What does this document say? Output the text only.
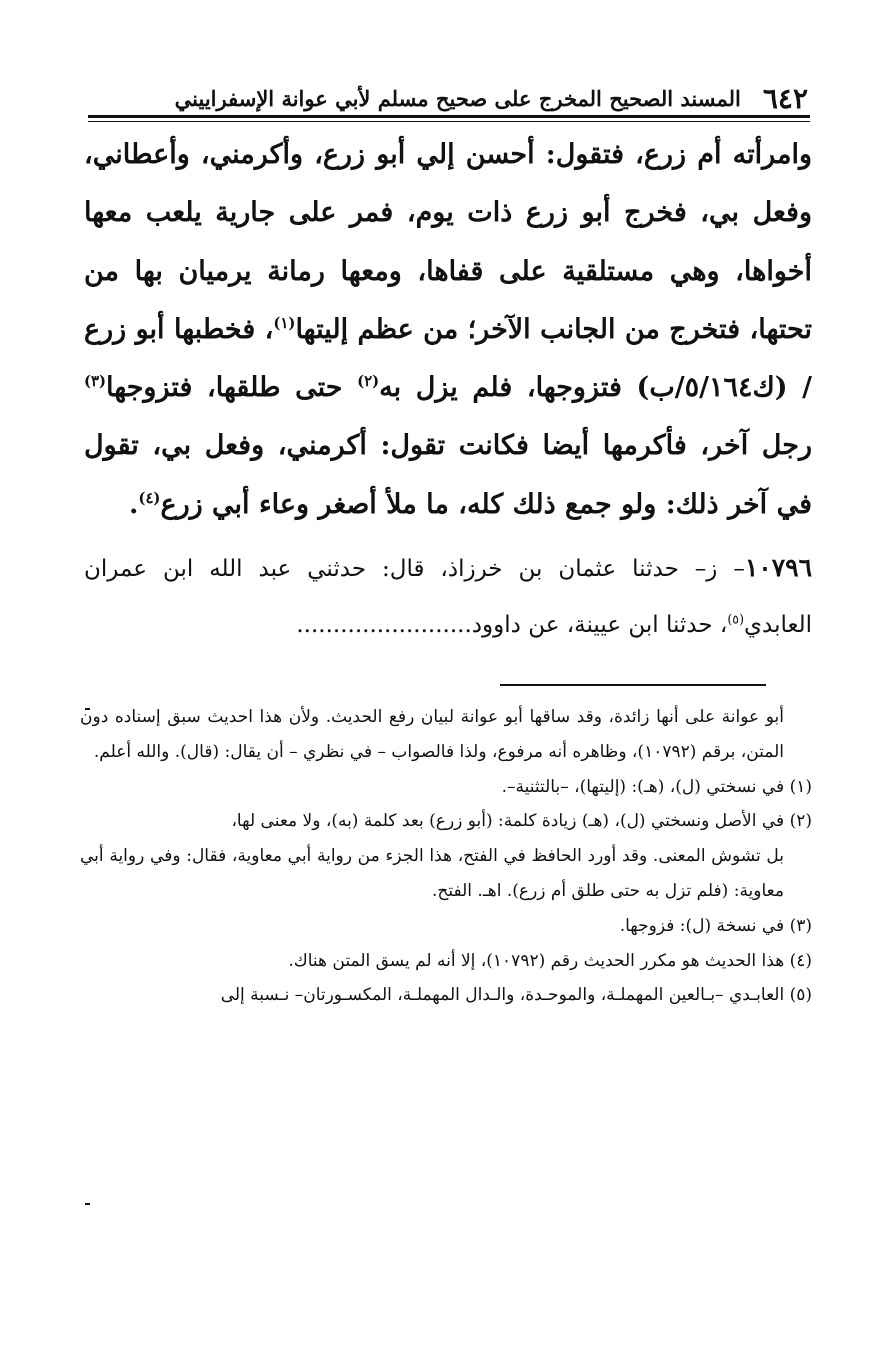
٦٤٢
المسند الصحيح المخرج على صحيح مسلم لأبي عوانة الإسفراييني
وامرأته أم زرع، فتقول: أحسن إلي أبو زرع، وأكرمني، وأعطاني، وفعل بي، فخرج أبو زرع ذات يوم، فمر على جارية يلعب معها أخواها، وهي مستلقية على قفاها، ومعها رمانة يرميان بها من تحتها، فتخرج من الجانب الآخر؛ من عظم إليتها$^{(١)}$، فخطبها أبو زرع / (ك٥/١٦٤/ب) فتزوجها، فلم يزل به$^{(٢)}$ حتى طلقها، فتزوجها$^{(٣)}$ رجل آخر، فأكرمها أيضا فكانت تقول: أكرمني، وفعل بي، تقول في آخر ذلك: ولو جمع ذلك كله، ما ملأ أصغر وعاء أبي زرع$^{(٤)}$.
١٠٧٩٦– ز– حدثنا عثمان بن خرزاذ، قال: حدثني عبد الله ابن عمران العابدي$^{(٥)}$، حدثنا ابن عيينة، عن داوود........................
أبو عوانة على أنها زائدة، وقد ساقها أبو عوانة لبيان رفع الحديث. ولأن هذا احديث سبق إسناده دون المتن، برقم (١٠٧٩٢)، وظاهره أنه مرفوع، ولذا فالصواب – في نظري – أن يقال: (قال). والله أعلم.
(١) في نسختي (ل)، (هـ): (إليتها)، –بالتثنية–.
(٢) في الأصل ونسختي (ل)، (هـ) زيادة كلمة: (أبو زرع) بعد كلمة (به)، ولا معنى لها،
بل تشوش المعنى. وقد أورد الحافظ في الفتح، هذا الجزء من رواية أبي معاوية، فقال: وفي رواية أبي معاوية: (فلم تزل به حتى طلق أم زرع). اهـ. الفتح.
(٣) في نسخة (ل): فزوجها.
(٤) هذا الحديث هو مكرر الحديث رقم (١٠٧٩٢)، إلا أنه لم يسق المتن هناك.
(٥) العابـدي –بـالعين المهملـة، والموحـدة، والـدال المهملـة، المكسـورتان– نـسبة إلى
